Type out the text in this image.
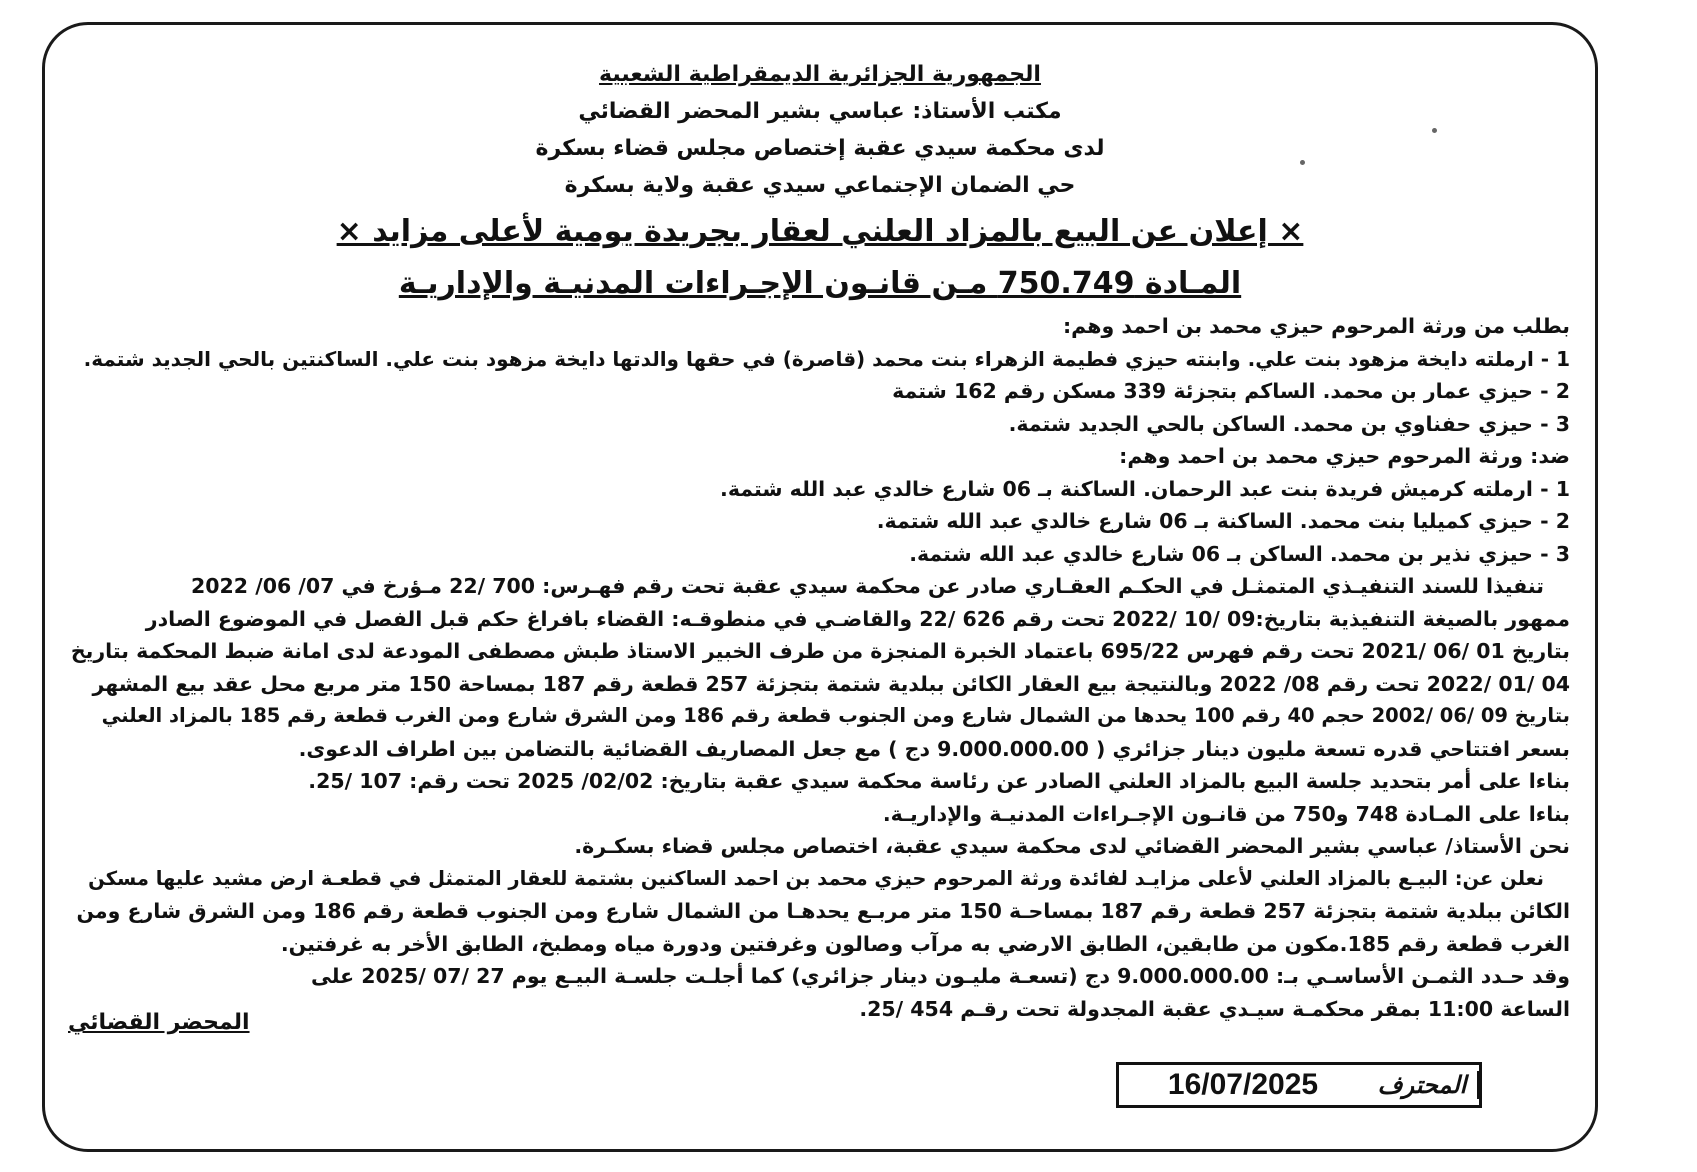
الجمهورية الجزائرية الديمقراطية الشعبية
مكتب الأستاذ: عباسي بشير المحضر القضائي
لدى محكمة سيدي عقبة إختصاص مجلس قضاء بسكرة
حي الضمان الإجتماعي سيدي عقبة ولاية بسكرة
× إعلان عن البيع بالمزاد العلني لعقار بجريدة يومية لأعلى مزايد ×
المـادة 750.749 مـن قانـون الإجـراءات المدنيـة والإداريـة

بطلب من ورثة المرحوم حيزي محمد بن احمد وهم:

1 - ارملته دايخة مزهود بنت علي. وابنته حيزي فطيمة الزهراء بنت محمد (قاصرة) في حقها والدتها دايخة مزهود بنت علي. الساكنتين بالحي الجديد شتمة.

2 - حيزي عمار بن محمد. الساكم بتجزئة 339 مسكن رقم 162 شتمة

3 - حيزي حفناوي بن محمد. الساكن بالحي الجديد شتمة.

ضد: ورثة المرحوم حيزي محمد بن احمد وهم:

1 - ارملته كرميش فريدة بنت عبد الرحمان. الساكنة بـ 06 شارع خالدي عبد الله شتمة.

2 - حيزي كميليا بنت محمد. الساكنة بـ 06 شارع خالدي عبد الله شتمة.

3 - حيزي نذير بن محمد. الساكن بـ 06 شارع خالدي عبد الله شتمة.

تنفيذا للسند التنفيـذي المتمثـل في الحكـم العقـاري صادر عن محكمة سيدي عقبة تحت رقم فهـرس: 700 /22 مـؤرخ في 07/ 06/ 2022

ممهور بالصيغة التنفيذية بتاريخ:09 /10 /2022 تحت رقم 626 /22 والقاضـي في منطوقـه: القضاء بافراغ حكم قبل الفصل في الموضوع الصادر

بتاريخ 01 /06 /2021 تحت رقم فهرس 695/22 باعتماد الخبرة المنجزة من طرف الخبير الاستاذ طبش مصطفى المودعة لدى امانة ضبط المحكمة بتاريخ

04 /01 /2022 تحت رقم 08/ 2022 وبالنتيجة بيع العقار الكائن ببلدية شتمة بتجزئة 257 قطعة رقم 187 بمساحة 150 متر مربع محل عقد بيع المشهر

بتاريخ 09 /06 /2002 حجم 40 رقم 100 يحدها من الشمال شارع ومن الجنوب قطعة رقم 186 ومن الشرق شارع ومن الغرب قطعة رقم 185 بالمزاد العلني

بسعر افتتاحي قدره تسعة مليون دينار جزائري ( 9.000.000.00 دج ) مع جعل المصاريف القضائية بالتضامن بين اطراف الدعوى.

بناءا على أمر بتحديد جلسة البيع بالمزاد العلني الصادر عن رئاسة محكمة سيدي عقبة بتاريخ: 02/02/ 2025 تحت رقم: 107 /25.

بناءا على المـادة 748 و750 من قانـون الإجـراءات المدنيـة والإداريـة.

نحن الأستاذ/ عباسي بشير المحضر القضائي لدى محكمة سيدي عقبة، اختصاص مجلس قضاء بسكـرة.

نعلن عن: البيـع بالمزاد العلني لأعلى مزايـد لفائدة ورثة المرحوم حيزي محمد بن احمد الساكنين بشتمة للعقار المتمثل في قطعـة ارض مشيد عليها مسكن

الكائن ببلدية شتمة بتجزئة 257 قطعة رقم 187 بمساحـة 150 متر مربـع يحدهـا من الشمال شارع ومن الجنوب قطعة رقم 186 ومن الشرق شارع ومن

الغرب قطعة رقم 185.مكون من طابقين، الطابق الارضي به مرآب وصالون وغرفتين ودورة مياه ومطبخ، الطابق الأخر به غرفتين.

وقد حـدد الثمـن الأساسـي بـ: 9.000.000.00 دج (تسعـة مليـون دينار جزائري) كما أجلـت جلسـة البيـع يوم 27 /07 /2025 على

الساعة 11:00 بمقر محكمـة سيـدي عقبة المجدولة تحت رقـم 454 /25.

المحضر القضائي
16/07/2025	المحترف
